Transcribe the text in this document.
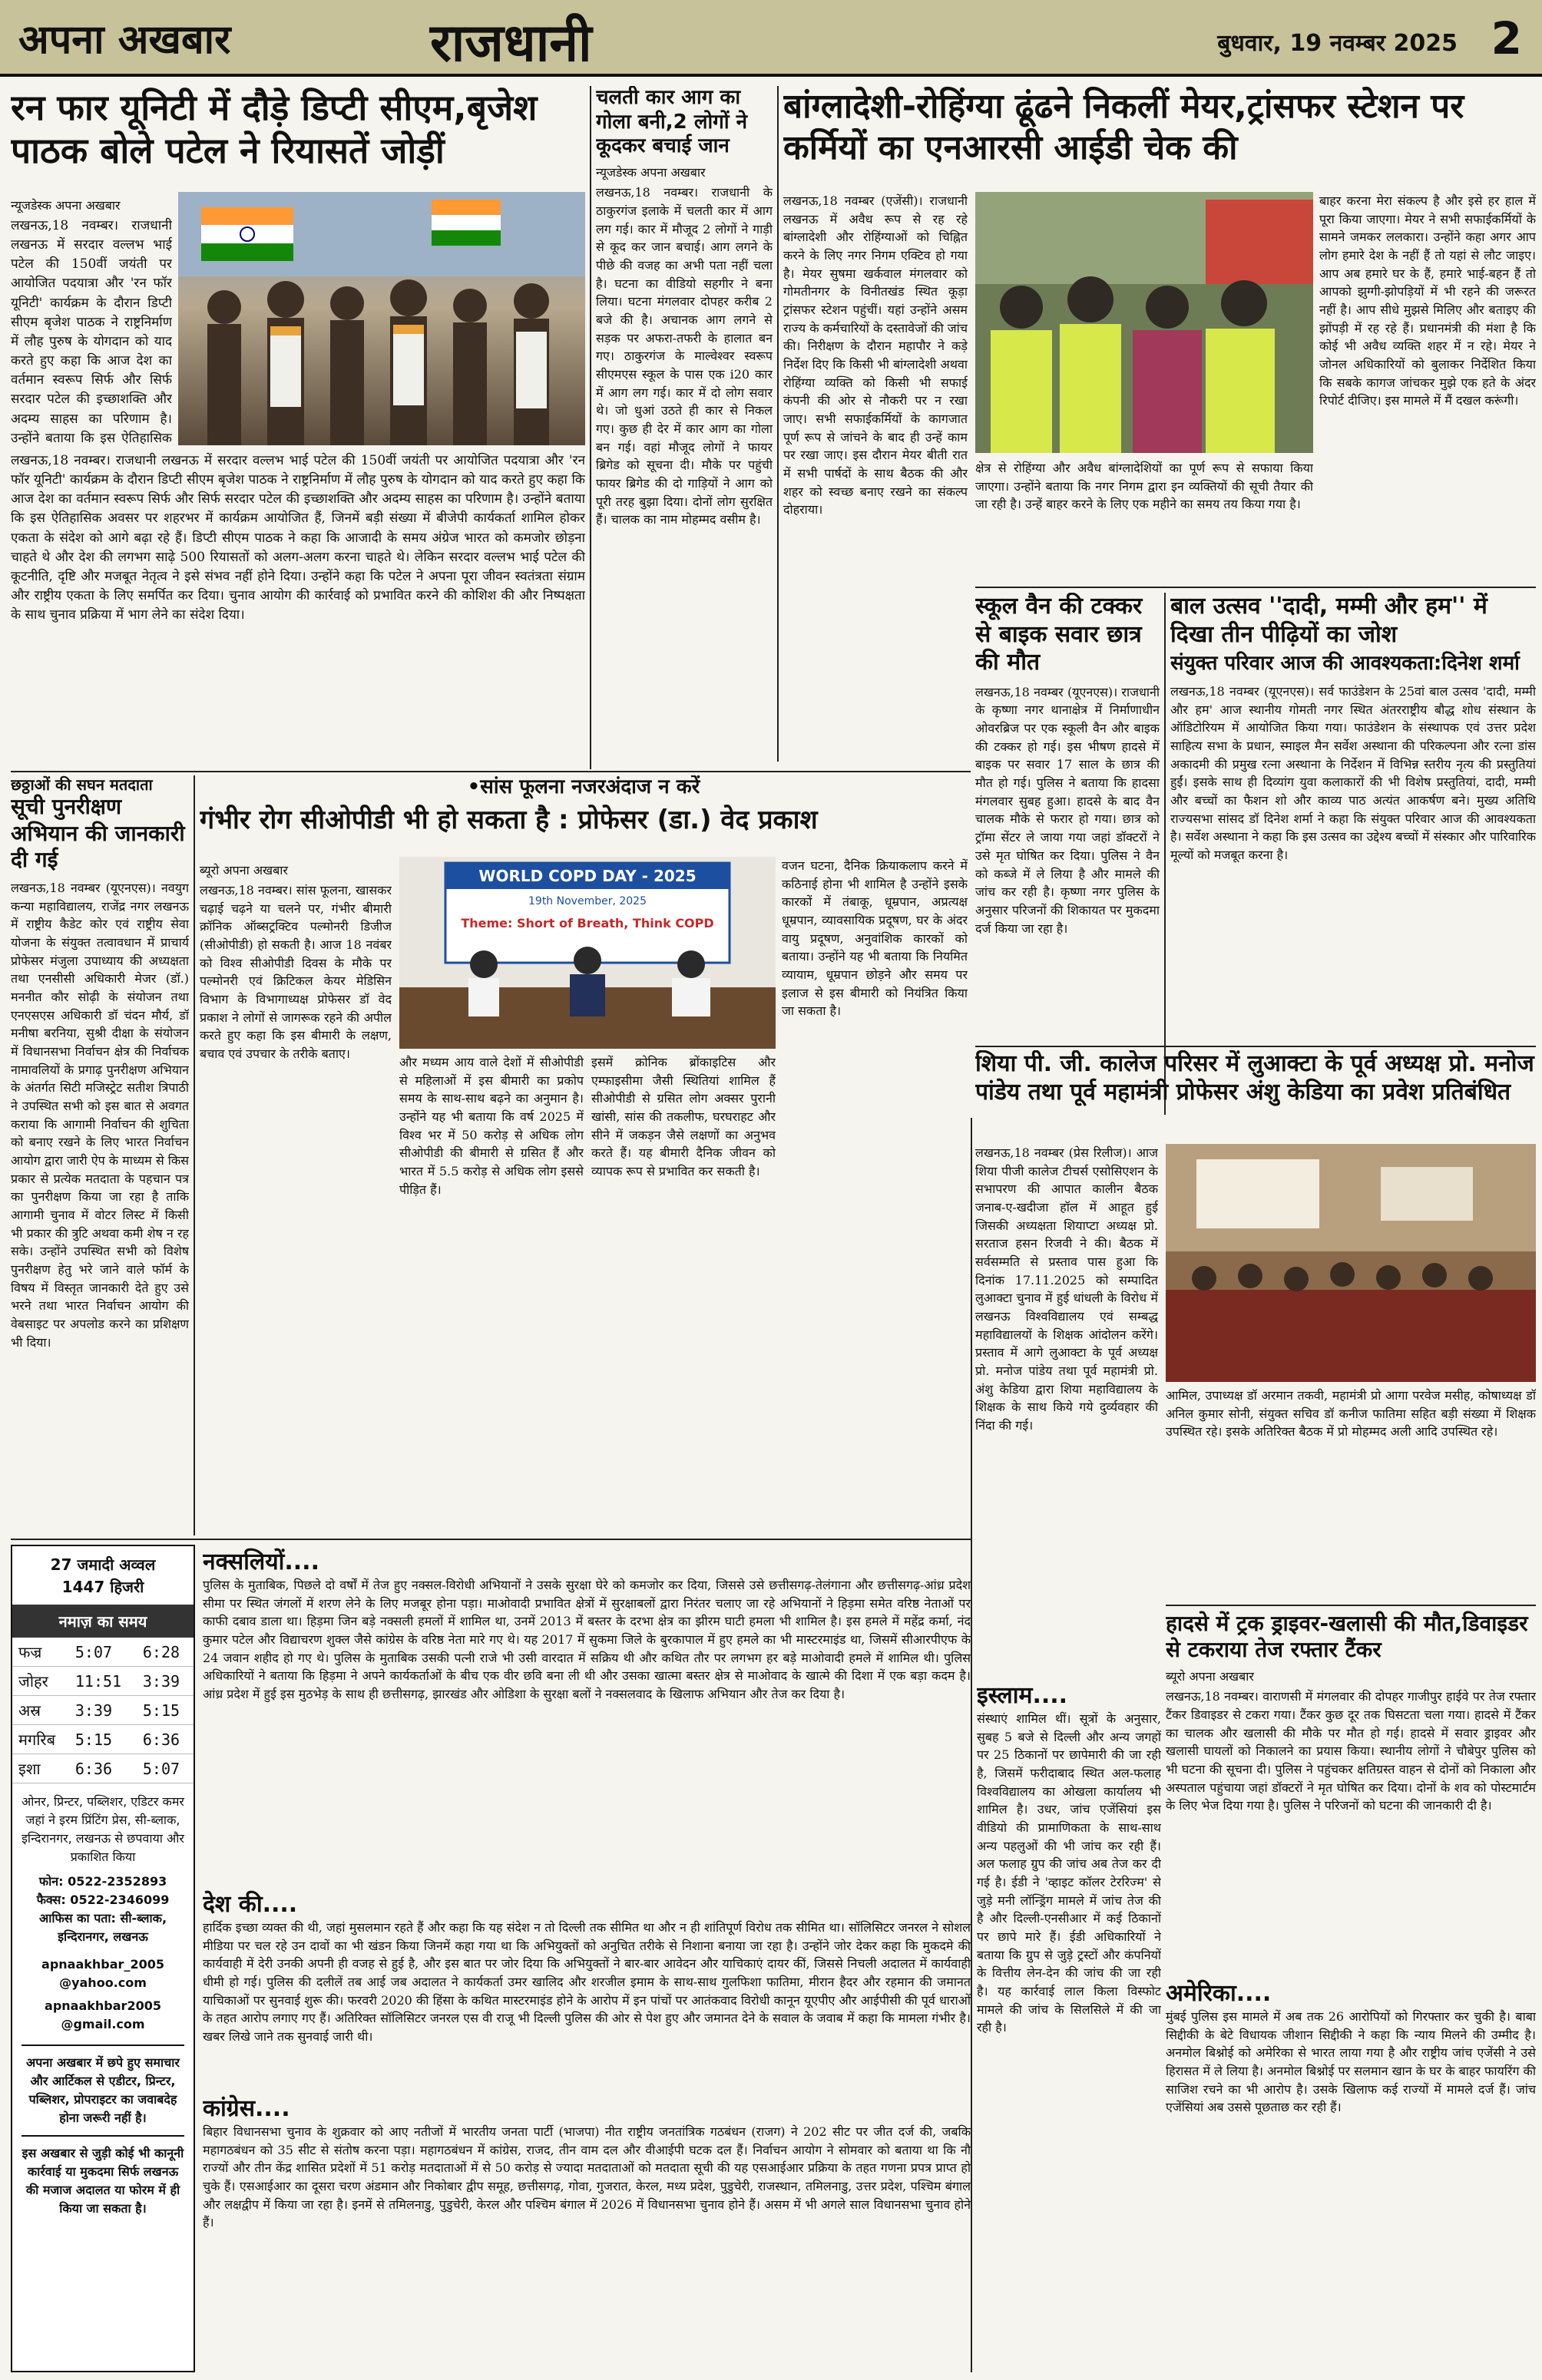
अपना अखबार	राजधानी	बुधवार, 19 नवम्बर 2025 2
रन फार यूनिटी में दौड़े डिप्टी सीएम,बृजेश पाठक बोले पटेल ने रियासतें जोड़ीं
न्यूजडेस्क अपना अखबार

लखनऊ,18 नवम्बर। राजधानी लखनऊ में सरदार वल्लभ भाई पटेल की 150वीं जयंती पर आयोजित पदयात्रा और 'रन फॉर यूनिटी' कार्यक्रम के दौरान डिप्टी सीएम बृजेश पाठक ने राष्ट्रनिर्माण में लौह पुरुष के योगदान को याद करते हुए कहा कि आज देश का वर्तमान स्वरूप सिर्फ और सिर्फ सरदार पटेल की इच्छाशक्ति और अदम्य साहस का परिणाम है। उन्होंने बताया कि इस ऐतिहासिक

लखनऊ,18 नवम्बर। राजधानी लखनऊ में सरदार वल्लभ भाई पटेल की 150वीं जयंती पर आयोजित पदयात्रा और 'रन फॉर यूनिटी' कार्यक्रम के दौरान डिप्टी सीएम बृजेश पाठक ने राष्ट्रनिर्माण में लौह पुरुष के योगदान को याद करते हुए कहा कि आज देश का वर्तमान स्वरूप सिर्फ और सिर्फ सरदार पटेल की इच्छाशक्ति और अदम्य साहस का परिणाम है। उन्होंने बताया कि इस ऐतिहासिक अवसर पर शहरभर में कार्यक्रम आयोजित हैं, जिनमें बड़ी संख्या में बीजेपी कार्यकर्ता शामिल होकर एकता के संदेश को आगे बढ़ा रहे हैं। डिप्टी सीएम पाठक ने कहा कि आजादी के समय अंग्रेज भारत को कमजोर छोड़ना चाहते थे और देश की लगभग साढ़े 500 रियासतों को अलग-अलग करना चाहते थे। लेकिन सरदार वल्लभ भाई पटेल की कूटनीति, दृष्टि और मजबूत नेतृत्व ने इसे संभव नहीं होने दिया। उन्होंने कहा कि पटेल ने अपना पूरा जीवन स्वतंत्रता संग्राम और राष्ट्रीय एकता के लिए समर्पित कर दिया। चुनाव आयोग की कार्रवाई को प्रभावित करने की कोशिश की और निष्पक्षता के साथ चुनाव प्रक्रिया में भाग लेने का संदेश दिया।

चलती कार आग का गोला बनी,2 लोगों ने कूदकर बचाई जान
न्यूजडेस्क अपना अखबार

लखनऊ,18 नवम्बर। राजधानी के ठाकुरगंज इलाके में चलती कार में आग लग गई। कार में मौजूद 2 लोगों ने गाड़ी से कूद कर जान बचाई। आग लगने के पीछे की वजह का अभी पता नहीं चला है। घटना का वीडियो सहगीर ने बना लिया। घटना मंगलवार दोपहर करीब 2 बजे की है। अचानक आग लगने से सड़क पर अफरा-तफरी के हालात बन गए। ठाकुरगंज के माल्वेश्वर स्वरूप सीएमएस स्कूल के पास एक i20 कार में आग लग गई। कार में दो लोग सवार थे। जो धुआं उठते ही कार से निकल गए। कुछ ही देर में कार आग का गोला बन गई। वहां मौजूद लोगों ने फायर ब्रिगेड को सूचना दी। मौके पर पहुंची फायर ब्रिगेड की दो गाड़ियों ने आग को पूरी तरह बुझा दिया। दोनों लोग सुरक्षित हैं। चालक का नाम मोहम्मद वसीम है।

बांग्लादेशी-रोहिंग्या ढूंढने निकलीं मेयर,ट्रांसफर स्टेशन पर कर्मियों का एनआरसी आईडी चेक की

लखनऊ,18 नवम्बर (एजेंसी)। राजधानी लखनऊ में अवैध रूप से रह रहे बांग्लादेशी और रोहिंग्याओं को चिह्नित करने के लिए नगर निगम एक्टिव हो गया है। मेयर सुषमा खर्कवाल मंगलवार को गोमतीनगर के विनीतखंड स्थित कूड़ा ट्रांसफर स्टेशन पहुंचीं। यहां उन्होंने असम राज्य के कर्मचारियों के दस्तावेजों की जांच की। निरीक्षण के दौरान महापौर ने कड़े निर्देश दिए कि किसी भी बांग्लादेशी अथवा रोहिंग्या व्यक्ति को किसी भी सफाई कंपनी की ओर से नौकरी पर न रखा जाए। सभी सफाईकर्मियों के कागजात पूर्ण रूप से जांचने के बाद ही उन्हें काम पर रखा जाए। इस दौरान मेयर बीती रात में सभी पार्षदों के साथ बैठक की और शहर को स्वच्छ बनाए रखने का संकल्प दोहराया।

क्षेत्र से रोहिंग्या और अवैध बांग्लादेशियों का पूर्ण रूप से सफाया किया जाएगा। उन्होंने बताया कि नगर निगम द्वारा इन व्यक्तियों की सूची तैयार की जा रही है। उन्हें बाहर करने के लिए एक महीने का समय तय किया गया है।

बाहर करना मेरा संकल्प है और इसे हर हाल में पूरा किया जाएगा। मेयर ने सभी सफाईकर्मियों के सामने जमकर ललकारा। उन्होंने कहा अगर आप लोग हमारे देश के नहीं हैं तो यहां से लौट जाइए। आप अब हमारे घर के हैं, हमारे भाई-बहन हैं तो आपको झुग्गी-झोपड़ियों में भी रहने की जरूरत नहीं है। आप सीधे मुझसे मिलिए और बताइए की झोंपड़ी में रह रहे हैं। प्रधानमंत्री की मंशा है कि कोई भी अवैध व्यक्ति शहर में न रहे। मेयर ने जोनल अधिकारियों को बुलाकर निर्देशित किया कि सबके कागज जांचकर मुझे एक हते के अंदर रिपोर्ट दीजिए। इस मामले में मैं दखल करूंगी।

स्कूल वैन की टक्कर से बाइक सवार छात्र की मौत

लखनऊ,18 नवम्बर (यूएनएस)। राजधानी के कृष्णा नगर थानाक्षेत्र में निर्माणाधीन ओवरब्रिज पर एक स्कूली वैन और बाइक की टक्कर हो गई। इस भीषण हादसे में बाइक पर सवार 17 साल के छात्र की मौत हो गई। पुलिस ने बताया कि हादसा मंगलवार सुबह हुआ। हादसे के बाद वैन चालक मौके से फरार हो गया। छात्र को ट्रॉमा सेंटर ले जाया गया जहां डॉक्टरों ने उसे मृत घोषित कर दिया। पुलिस ने वैन को कब्जे में ले लिया है और मामले की जांच कर रही है। कृष्णा नगर पुलिस के अनुसार परिजनों की शिकायत पर मुकदमा दर्ज किया जा रहा है।

बाल उत्सव ''दादी, मम्मी और हम'' में दिखा तीन पीढ़ियों का जोश
संयुक्त परिवार आज की आवश्यकता:दिनेश शर्मा

लखनऊ,18 नवम्बर (यूएनएस)। सर्व फाउंडेशन के 25वां बाल उत्सव 'दादी, मम्मी और हम' आज स्थानीय गोमती नगर स्थित अंतरराष्ट्रीय बौद्ध शोध संस्थान के ऑडिटोरियम में आयोजित किया गया। फाउंडेशन के संस्थापक एवं उत्तर प्रदेश साहित्य सभा के प्रधान, स्माइल मैन सर्वेश अस्थाना की परिकल्पना और रत्ना डांस अकादमी की प्रमुख रत्ना अस्थाना के निर्देशन में विभिन्न स्तरीय नृत्य की प्रस्तुतियां हुईं। इसके साथ ही दिव्यांग युवा कलाकारों की भी विशेष प्रस्तुतियां, दादी, मम्मी और बच्चों का फैशन शो और काव्य पाठ अत्यंत आकर्षण बने। मुख्य अतिथि राज्यसभा सांसद डॉ दिनेश शर्मा ने कहा कि संयुक्त परिवार आज की आवश्यकता है। सर्वेश अस्थाना ने कहा कि इस उत्सव का उद्देश्य बच्चों में संस्कार और पारिवारिक मूल्यों को मजबूत करना है।

शिया पी. जी. कालेज परिसर में लुआक्टा के पूर्व अध्यक्ष प्रो. मनोज पांडेय तथा पूर्व महामंत्री प्रोफेसर अंशु केडिया का प्रवेश प्रतिबंधित

लखनऊ,18 नवम्बर (प्रेस रिलीज)। आज शिया पीजी कालेज टीचर्स एसोसिएशन के सभापरण की आपात कालीन बैठक जनाब-ए-खदीजा हॉल में आहूत हुई जिसकी अध्यक्षता शियाप्टा अध्यक्ष प्रो. सरताज हसन रिजवी ने की। बैठक में सर्वसम्मति से प्रस्ताव पास हुआ कि दिनांक 17.11.2025 को सम्पादित लुआक्टा चुनाव में हुई धांधली के विरोध में लखनऊ विश्वविद्यालय एवं सम्बद्ध महाविद्यालयों के शिक्षक आंदोलन करेंगे। प्रस्ताव में आगे लुआक्टा के पूर्व अध्यक्ष प्रो. मनोज पांडेय तथा पूर्व महामंत्री प्रो. अंशु केडिया द्वारा शिया महाविद्यालय के शिक्षक के साथ किये गये दुर्व्यवहार की निंदा की गई।

आमिल, उपाध्यक्ष डॉ अरमान तकवी, महामंत्री प्रो आगा परवेज मसीह, कोषाध्यक्ष डॉ अनिल कुमार सोनी, संयुक्त सचिव डॉ कनीज फातिमा सहित बड़ी संख्या में शिक्षक उपस्थित रहे। इसके अतिरिक्त बैठक में प्रो मोहम्मद अली आदि उपस्थित रहे।

हादसे में ट्रक ड्राइवर-खलासी की मौत,डिवाइडर से टकराया तेज रफ्तार टैंकर
ब्यूरो अपना अखबार

लखनऊ,18 नवम्बर। वाराणसी में मंगलवार की दोपहर गाजीपुर हाईवे पर तेज रफ्तार टैंकर डिवाइडर से टकरा गया। टैंकर कुछ दूर तक घिसटता चला गया। हादसे में टैंकर का चालक और खलासी की मौके पर मौत हो गई। हादसे में सवार ड्राइवर और खलासी घायलों को निकालने का प्रयास किया। स्थानीय लोगों ने चौबेपुर पुलिस को भी घटना की सूचना दी। पुलिस ने पहुंचकर क्षतिग्रस्त वाहन से दोनों को निकाला और अस्पताल पहुंचाया जहां डॉक्टरों ने मृत घोषित कर दिया। दोनों के शव को पोस्टमार्टम के लिए भेज दिया गया है। पुलिस ने परिजनों को घटना की जानकारी दी है।

छठ्ठाओं की सघन मतदाता
सूची पुनरीक्षण अभियान की जानकारी दी गई

लखनऊ,18 नवम्बर (यूएनएस)। नवयुग कन्या महाविद्यालय, राजेंद्र नगर लखनऊ में राष्ट्रीय कैडेट कोर एवं राष्ट्रीय सेवा योजना के संयुक्त तत्वावधान में प्राचार्य प्रोफेसर मंजुला उपाध्याय की अध्यक्षता तथा एनसीसी अधिकारी मेजर (डॉ.) मननीत कौर सोढ़ी के संयोजन तथा एनएसएस अधिकारी डॉ चंदन मौर्य, डॉ मनीषा बरनिया, सुश्री दीक्षा के संयोजन में विधानसभा निर्वाचन क्षेत्र की निर्वाचक नामावलियों के प्रगाढ़ पुनरीक्षण अभियान के अंतर्गत सिटी मजिस्ट्रेट सतीश त्रिपाठी ने उपस्थित सभी को इस बात से अवगत कराया कि आगामी निर्वाचन की शुचिता को बनाए रखने के लिए भारत निर्वाचन आयोग द्वारा जारी ऐप के माध्यम से किस प्रकार से प्रत्येक मतदाता के पहचान पत्र का पुनरीक्षण किया जा रहा है ताकि आगामी चुनाव में वोटर लिस्ट में किसी भी प्रकार की त्रुटि अथवा कमी शेष न रह सके। उन्होंने उपस्थित सभी को विशेष पुनरीक्षण हेतु भरे जाने वाले फॉर्म के विषय में विस्तृत जानकारी देते हुए उसे भरने तथा भारत निर्वाचन आयोग की वेबसाइट पर अपलोड करने का प्रशिक्षण भी दिया।

•सांस फूलना नजरअंदाज न करें
गंभीर रोग सीओपीडी भी हो सकता है : प्रोफेसर (डा.) वेद प्रकाश
ब्यूरो अपना अखबार

लखनऊ,18 नवम्बर। सांस फूलना, खासकर चढ़ाई चढ़ने या चलने पर, गंभीर बीमारी क्रॉनिक ऑब्सट्रक्टिव पल्मोनरी डिजीज (सीओपीडी) हो सकती है। आज 18 नवंबर को विश्व सीओपीडी दिवस के मौके पर पल्मोनरी एवं क्रिटिकल केयर मेडिसिन विभाग के विभागाध्यक्ष प्रोफेसर डॉ वेद प्रकाश ने लोगों से जागरूक रहने की अपील करते हुए कहा कि इस बीमारी के लक्षण, बचाव एवं उपचार के तरीके बताए।

WORLD COPD DAY - 2025
19th November, 2025
Theme: Short of Breath, Think COPD

और मध्यम आय वाले देशों में सीओपीडी से महिलाओं में इस बीमारी का प्रकोप समय के साथ-साथ बढ़ने का अनुमान है। उन्होंने यह भी बताया कि वर्ष 2025 में विश्व भर में 50 करोड़ से अधिक लोग सीओपीडी की बीमारी से ग्रसित हैं और भारत में 5.5 करोड़ से अधिक लोग इससे पीड़ित हैं।

इसमें क्रोनिक ब्रोंकाइटिस और एम्फाइसीमा जैसी स्थितियां शामिल हैं सीओपीडी से ग्रसित लोग अक्सर पुरानी खांसी, सांस की तकलीफ, घरघराहट और सीने में जकड़न जैसे लक्षणों का अनुभव करते हैं। यह बीमारी दैनिक जीवन को व्यापक रूप से प्रभावित कर सकती है।

वजन घटना, दैनिक क्रियाकलाप करने में कठिनाई होना भी शामिल है उन्होंने इसके कारकों में तंबाकू, धूम्रपान, अप्रत्यक्ष धूम्रपान, व्यावसायिक प्रदूषण, घर के अंदर वायु प्रदूषण, अनुवांशिक कारकों को बताया। उन्होंने यह भी बताया कि नियमित व्यायाम, धूम्रपान छोड़ने और समय पर इलाज से इस बीमारी को नियंत्रित किया जा सकता है।

27 जमादी अव्वल
1447 हिजरी
नमाज़ का समय
फज्र	5:07	6:28
जोहर	11:51	3:39
अस्र	3:39	5:15
मगरिब	5:15	6:36
इशा	6:36	5:07
ओनर, प्रिन्टर, पब्लिशर, एडिटर कमर जहां ने इरम प्रिंटिंग प्रेस, सी-ब्लाक, इन्दिरानगर, लखनऊ से छपवाया और प्रकाशित किया
फोन: 0522-2352893
फैक्स: 0522-2346099
आफिस का पता: सी-ब्लाक, इन्दिरानगर, लखनऊ
apnaakhbar_2005 @yahoo.com
apnaakhbar2005 @gmail.com
अपना अखबार में छपे हुए समाचार और आर्टिकल से एडीटर, प्रिन्टर, पब्लिशर, प्रोपराइटर का जवाबदेह होना जरूरी नहीं है।
इस अखबार से जुड़ी कोई भी कानूनी कार्रवाई या मुकदमा सिर्फ लखनऊ की मजाज अदालत या फोरम में ही किया जा सकता है।
नक्सलियों....

पुलिस के मुताबिक, पिछले दो वर्षों में तेज हुए नक्सल-विरोधी अभियानों ने उसके सुरक्षा घेरे को कमजोर कर दिया, जिससे उसे छत्तीसगढ़-तेलंगाना और छत्तीसगढ़-आंध्र प्रदेश सीमा पर स्थित जंगलों में शरण लेने के लिए मजबूर होना पड़ा। माओवादी प्रभावित क्षेत्रों में सुरक्षाबलों द्वारा निरंतर चलाए जा रहे अभियानों ने हिड़मा समेत वरिष्ठ नेताओं पर काफी दबाव डाला था। हिड़मा जिन बड़े नक्सली हमलों में शामिल था, उनमें 2013 में बस्तर के दरभा क्षेत्र का झीरम घाटी हमला भी शामिल है। इस हमले में महेंद्र कर्मा, नंद कुमार पटेल और विद्याचरण शुक्ल जैसे कांग्रेस के वरिष्ठ नेता मारे गए थे। यह 2017 में सुकमा जिले के बुरकापाल में हुए हमले का भी मास्टरमाइंड था, जिसमें सीआरपीएफ के 24 जवान शहीद हो गए थे। पुलिस के मुताबिक उसकी पत्नी राजे भी उसी वारदात में सक्रिय थी और कथित तौर पर लगभग हर बड़े माओवादी हमले में शामिल थी। पुलिस अधिकारियों ने बताया कि हिड़मा ने अपने कार्यकर्ताओं के बीच एक वीर छवि बना ली थी और उसका खात्मा बस्तर क्षेत्र से माओवाद के खात्मे की दिशा में एक बड़ा कदम है। आंध्र प्रदेश में हुई इस मुठभेड़ के साथ ही छत्तीसगढ़, झारखंड और ओडिशा के सुरक्षा बलों ने नक्सलवाद के खिलाफ अभियान और तेज कर दिया है।

देश की....

हार्दिक इच्छा व्यक्त की थी, जहां मुसलमान रहते हैं और कहा कि यह संदेश न तो दिल्ली तक सीमित था और न ही शांतिपूर्ण विरोध तक सीमित था। सॉलिसिटर जनरल ने सोशल मीडिया पर चल रहे उन दावों का भी खंडन किया जिनमें कहा गया था कि अभियुक्तों को अनुचित तरीके से निशाना बनाया जा रहा है। उन्होंने जोर देकर कहा कि मुकदमे की कार्यवाही में देरी उनकी अपनी ही वजह से हुई है, और इस बात पर जोर दिया कि अभियुक्तों ने बार-बार आवेदन और याचिकाएं दायर कीं, जिससे निचली अदालत में कार्यवाही धीमी हो गई। पुलिस की दलीलें तब आई जब अदालत ने कार्यकर्ता उमर खालिद और शरजील इमाम के साथ-साथ गुलफिशा फातिमा, मीरान हैदर और रहमान की जमानत याचिकाओं पर सुनवाई शुरू की। फरवरी 2020 की हिंसा के कथित मास्टरमाइंड होने के आरोप में इन पांचों पर आतंकवाद विरोधी कानून यूएपीए और आईपीसी की पूर्व धाराओं के तहत आरोप लगाए गए हैं। अतिरिक्त सॉलिसिटर जनरल एस वी राजू भी दिल्ली पुलिस की ओर से पेश हुए और जमानत देने के सवाल के जवाब में कहा कि मामला गंभीर है। खबर लिखे जाने तक सुनवाई जारी थी।

कांग्रेस....

बिहार विधानसभा चुनाव के शुक्रवार को आए नतीजों में भारतीय जनता पार्टी (भाजपा) नीत राष्ट्रीय जनतांत्रिक गठबंधन (राजग) ने 202 सीट पर जीत दर्ज की, जबकि महागठबंधन को 35 सीट से संतोष करना पड़ा। महागठबंधन में कांग्रेस, राजद, तीन वाम दल और वीआईपी घटक दल हैं। निर्वाचन आयोग ने सोमवार को बताया था कि नौ राज्यों और तीन केंद्र शासित प्रदेशों में 51 करोड़ मतदाताओं में से 50 करोड़ से ज्यादा मतदाताओं को मतदाता सूची की यह एसआईआर प्रक्रिया के तहत गणना प्रपत्र प्राप्त हो चुके हैं। एसआईआर का दूसरा चरण अंडमान और निकोबार द्वीप समूह, छत्तीसगढ़, गोवा, गुजरात, केरल, मध्य प्रदेश, पुडुचेरी, राजस्थान, तमिलनाडु, उत्तर प्रदेश, पश्चिम बंगाल और लक्षद्वीप में किया जा रहा है। इनमें से तमिलनाडु, पुडुचेरी, केरल और पश्चिम बंगाल में 2026 में विधानसभा चुनाव होने हैं। असम में भी अगले साल विधानसभा चुनाव होने हैं।

इस्लाम....

संस्थाएं शामिल थीं। सूत्रों के अनुसार, सुबह 5 बजे से दिल्ली और अन्य जगहों पर 25 ठिकानों पर छापेमारी की जा रही है, जिसमें फरीदाबाद स्थित अल-फलाह विश्वविद्यालय का ओखला कार्यालय भी शामिल है। उधर, जांच एजेंसियां इस वीडियो की प्रामाणिकता के साथ-साथ अन्य पहलुओं की भी जांच कर रही हैं। अल फलाह ग्रुप की जांच अब तेज कर दी गई है। ईडी ने 'व्हाइट कॉलर टेररिज्म' से जुड़े मनी लॉन्ड्रिंग मामले में जांच तेज की है और दिल्ली-एनसीआर में कई ठिकानों पर छापे मारे हैं। ईडी अधिकारियों ने बताया कि ग्रुप से जुड़े ट्रस्टों और कंपनियों के वित्तीय लेन-देन की जांच की जा रही है। यह कार्रवाई लाल किला विस्फोट मामले की जांच के सिलसिले में की जा रही है।

अमेरिका....

मुंबई पुलिस इस मामले में अब तक 26 आरोपियों को गिरफ्तार कर चुकी है। बाबा सिद्दीकी के बेटे विधायक जीशान सिद्दीकी ने कहा कि न्याय मिलने की उम्मीद है। अनमोल बिश्नोई को अमेरिका से भारत लाया गया है और राष्ट्रीय जांच एजेंसी ने उसे हिरासत में ले लिया है। अनमोल बिश्नोई पर सलमान खान के घर के बाहर फायरिंग की साजिश रचने का भी आरोप है। उसके खिलाफ कई राज्यों में मामले दर्ज हैं। जांच एजेंसियां अब उससे पूछताछ कर रही हैं।
